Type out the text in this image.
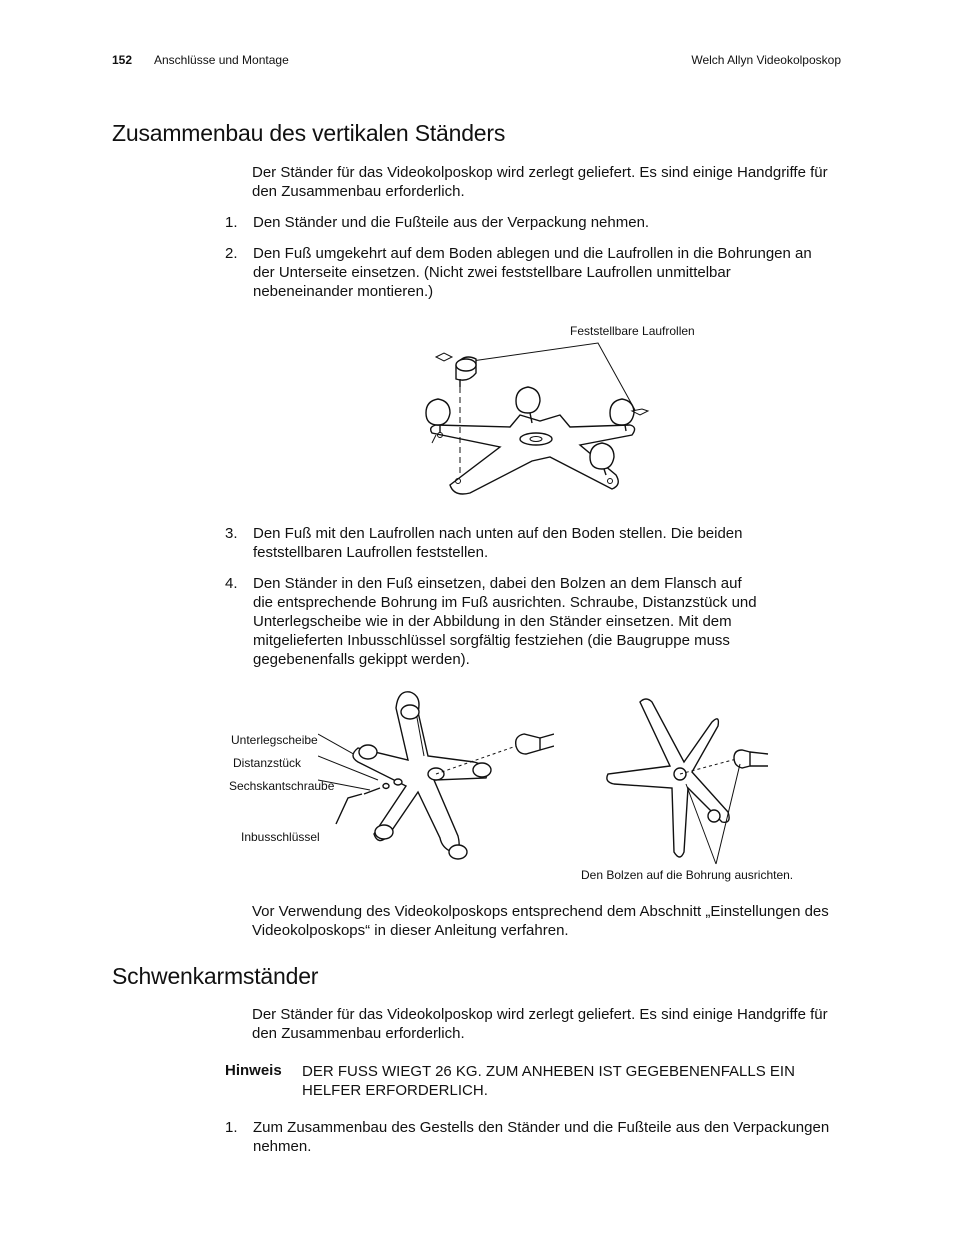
152 Anschlüsse und Montage	Welch Allyn Videokolposkop
Zusammenbau des vertikalen Ständers

Der Ständer für das Videokolposkop wird zerlegt geliefert. Es sind einige Handgriffe für den Zusammenbau erforderlich.

1.	Den Ständer und die Fußteile aus der Verpackung nehmen.
2.	Den Fuß umgekehrt auf dem Boden ablegen und die Laufrollen in die Bohrungen an der Unterseite einsetzen. (Nicht zwei feststellbare Laufrollen unmittelbar nebeneinander montieren.)
Feststellbare Laufrollen
3.	Den Fuß mit den Laufrollen nach unten auf den Boden stellen. Die beiden feststellbaren Laufrollen feststellen.
4.	Den Ständer in den Fuß einsetzen, dabei den Bolzen an dem Flansch auf die entsprechende Bohrung im Fuß ausrichten. Schraube, Distanzstück und Unterlegscheibe wie in der Abbildung in den Ständer einsetzen. Mit dem mitgelieferten Inbusschlüssel sorgfältig festziehen (die Baugruppe muss gegebenenfalls gekippt werden).
Unterlegscheibe
Distanzstück
Sechskantschraube
Inbusschlüssel
Den Bolzen auf die Bohrung ausrichten.

Vor Verwendung des Videokolposkops entsprechend dem Abschnitt „Einstellungen des Videokolposkops“ in dieser Anleitung verfahren.

Schwenkarmständer

Der Ständer für das Videokolposkop wird zerlegt geliefert. Es sind einige Handgriffe für den Zusammenbau erforderlich.

Hinweis DER FUSS WIEGT 26 KG. ZUM ANHEBEN IST GEGEBENENFALLS EIN HELFER ERFORDERLICH.
1.	Zum Zusammenbau des Gestells den Ständer und die Fußteile aus den Verpackungen nehmen.
